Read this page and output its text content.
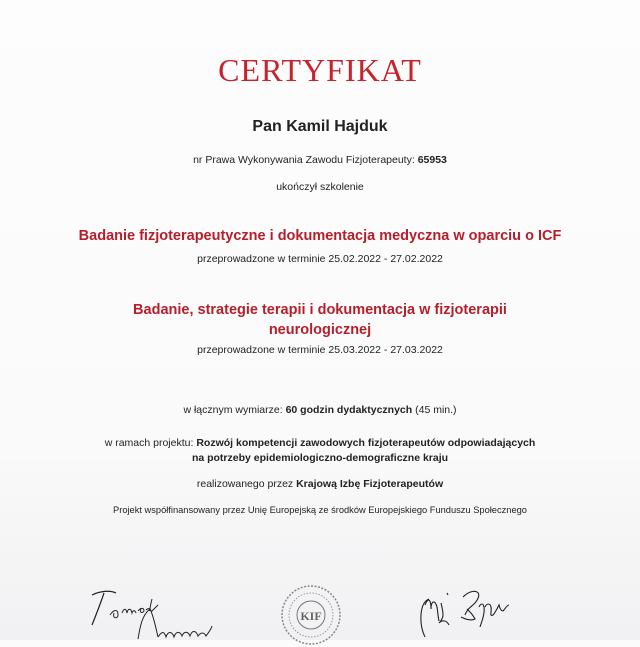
CERTYFIKAT
Pan Kamil Hajduk
nr Prawa Wykonywania Zawodu Fizjoterapeuty: 65953
ukończył szkolenie
Badanie fizjoterapeutyczne i dokumentacja medyczna w oparciu o ICF
przeprowadzone w terminie 25.02.2022 - 27.02.2022
Badanie, strategie terapii i dokumentacja w fizjoterapii
neurologicznej
przeprowadzone w terminie 25.03.2022 - 27.03.2022
w łącznym wymiarze: 60 godzin dydaktycznych (45 min.)
w ramach projektu: Rozwój kompetencji zawodowych fizjoterapeutów odpowiadających
na potrzeby epidemiologiczno-demograficzne kraju
realizowanego przez Krajową Izbę Fizjoterapeutów
Projekt współfinansowany przez Unię Europejską ze środków Europejskiego Funduszu Społecznego
KIF
